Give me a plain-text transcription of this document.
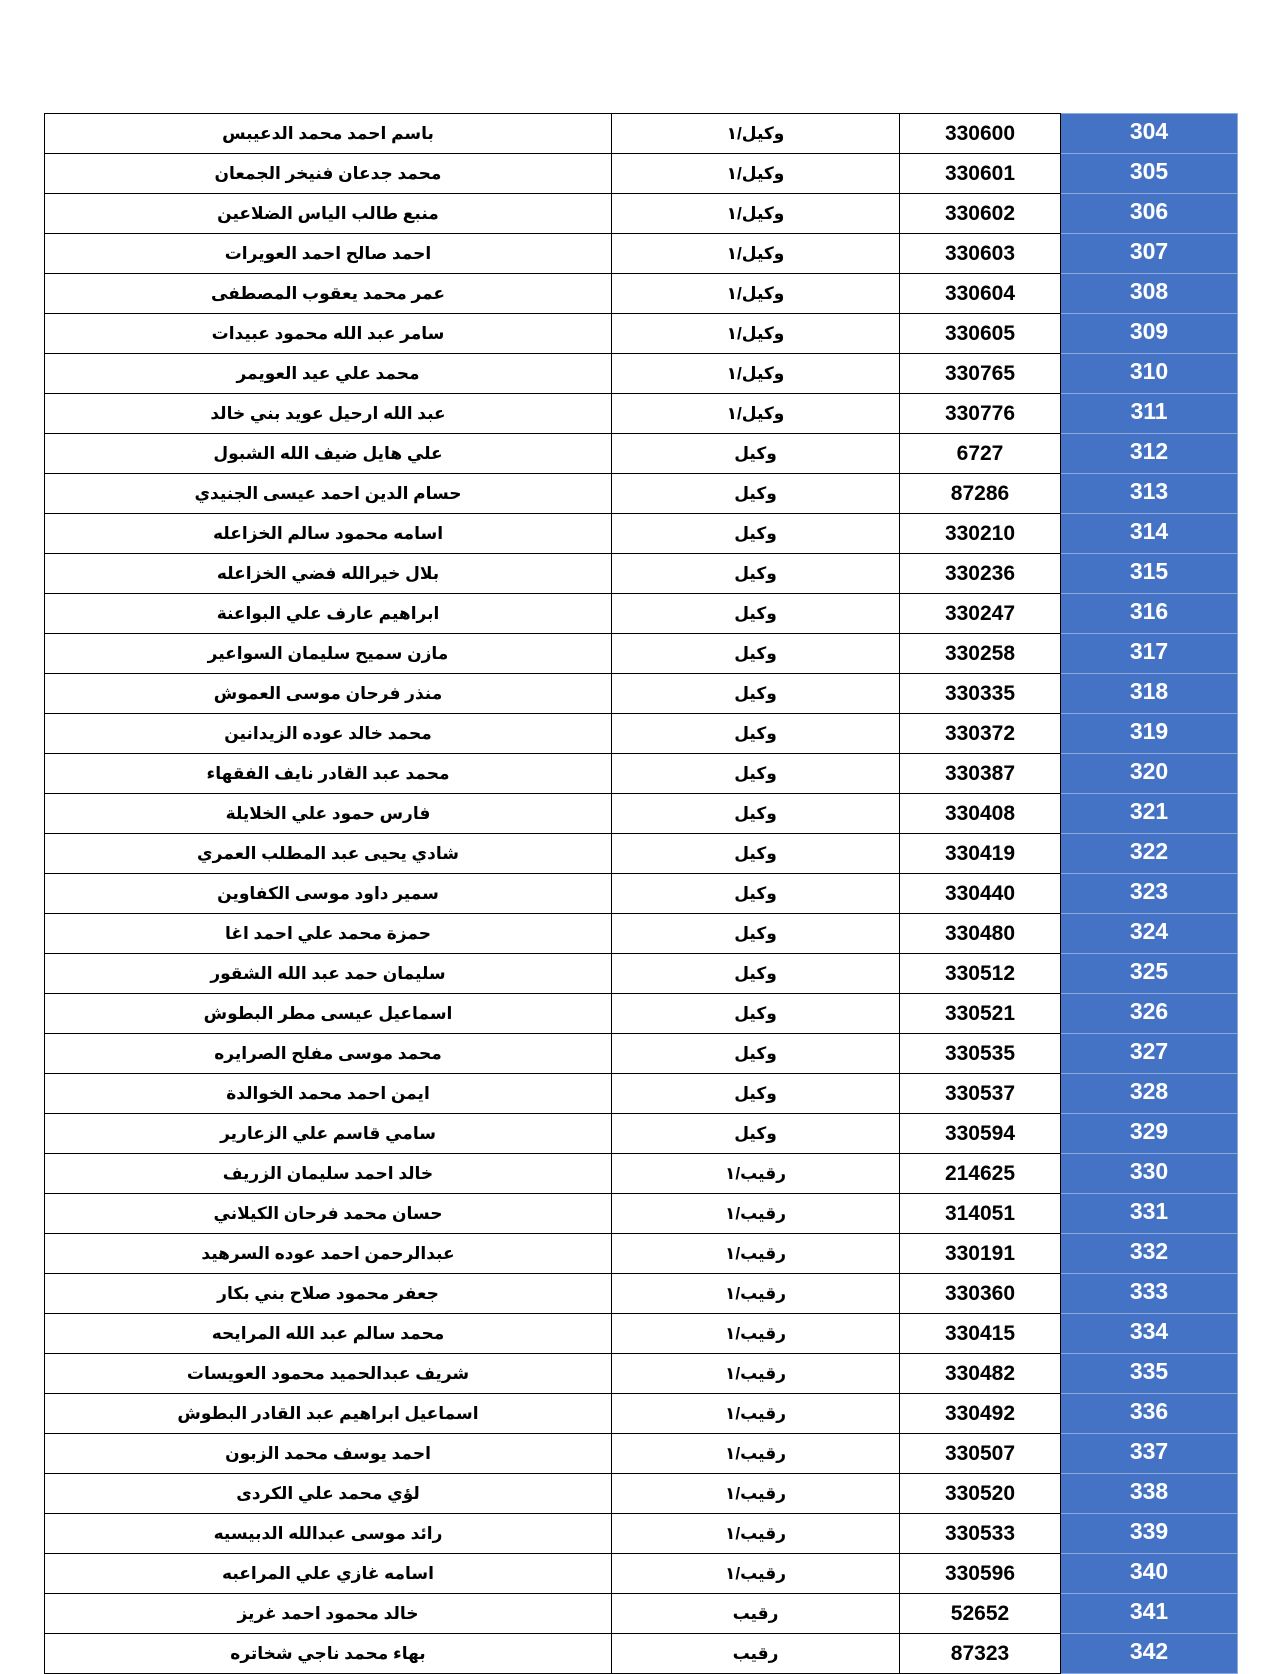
باسم احمد محمد الدعيبس	وكيل/١	330600	304
محمد جدعان فنيخر الجمعان	وكيل/١	330601	305
منبع طالب الياس الضلاعين	وكيل/١	330602	306
احمد صالح احمد العويرات	وكيل/١	330603	307
عمر محمد يعقوب المصطفى	وكيل/١	330604	308
سامر عبد الله محمود عبيدات	وكيل/١	330605	309
محمد علي عيد العويمر	وكيل/١	330765	310
عبد الله ارحيل عويد بني خالد	وكيل/١	330776	311
علي هايل ضيف الله الشبول	وكيل	6727	312
حسام الدين احمد عيسى الجنيدي	وكيل	87286	313
اسامه محمود سالم الخزاعله	وكيل	330210	314
بلال خيرالله فضي الخزاعله	وكيل	330236	315
ابراهيم عارف علي البواعنة	وكيل	330247	316
مازن سميح سليمان السواعير	وكيل	330258	317
منذر فرحان موسى العموش	وكيل	330335	318
محمد خالد عوده الزيدانين	وكيل	330372	319
محمد عبد القادر نايف الفقهاء	وكيل	330387	320
فارس حمود علي الخلايلة	وكيل	330408	321
شادي يحيى عبد المطلب العمري	وكيل	330419	322
سمير داود موسى الكفاوين	وكيل	330440	323
حمزة محمد علي احمد اغا	وكيل	330480	324
سليمان حمد عبد الله الشقور	وكيل	330512	325
اسماعيل عيسى مطر البطوش	وكيل	330521	326
محمد موسى مفلح الصرايره	وكيل	330535	327
ايمن احمد محمد الخوالدة	وكيل	330537	328
سامي قاسم علي الزعارير	وكيل	330594	329
خالد احمد سليمان الزريف	رقيب/١	214625	330
حسان محمد فرحان الكيلاني	رقيب/١	314051	331
عبدالرحمن احمد عوده السرهيد	رقيب/١	330191	332
جعفر محمود صلاح بني بكار	رقيب/١	330360	333
محمد سالم عبد الله المرايحه	رقيب/١	330415	334
شريف عبدالحميد محمود العويسات	رقيب/١	330482	335
اسماعيل ابراهيم عبد القادر البطوش	رقيب/١	330492	336
احمد يوسف محمد الزبون	رقيب/١	330507	337
لؤي محمد علي الكردى	رقيب/١	330520	338
رائد موسى عبدالله الدبيسيه	رقيب/١	330533	339
اسامه غازي علي المراعبه	رقيب/١	330596	340
خالد محمود احمد غريز	رقيب	52652	341
بهاء محمد ناجي شخاتره	رقيب	87323	342
